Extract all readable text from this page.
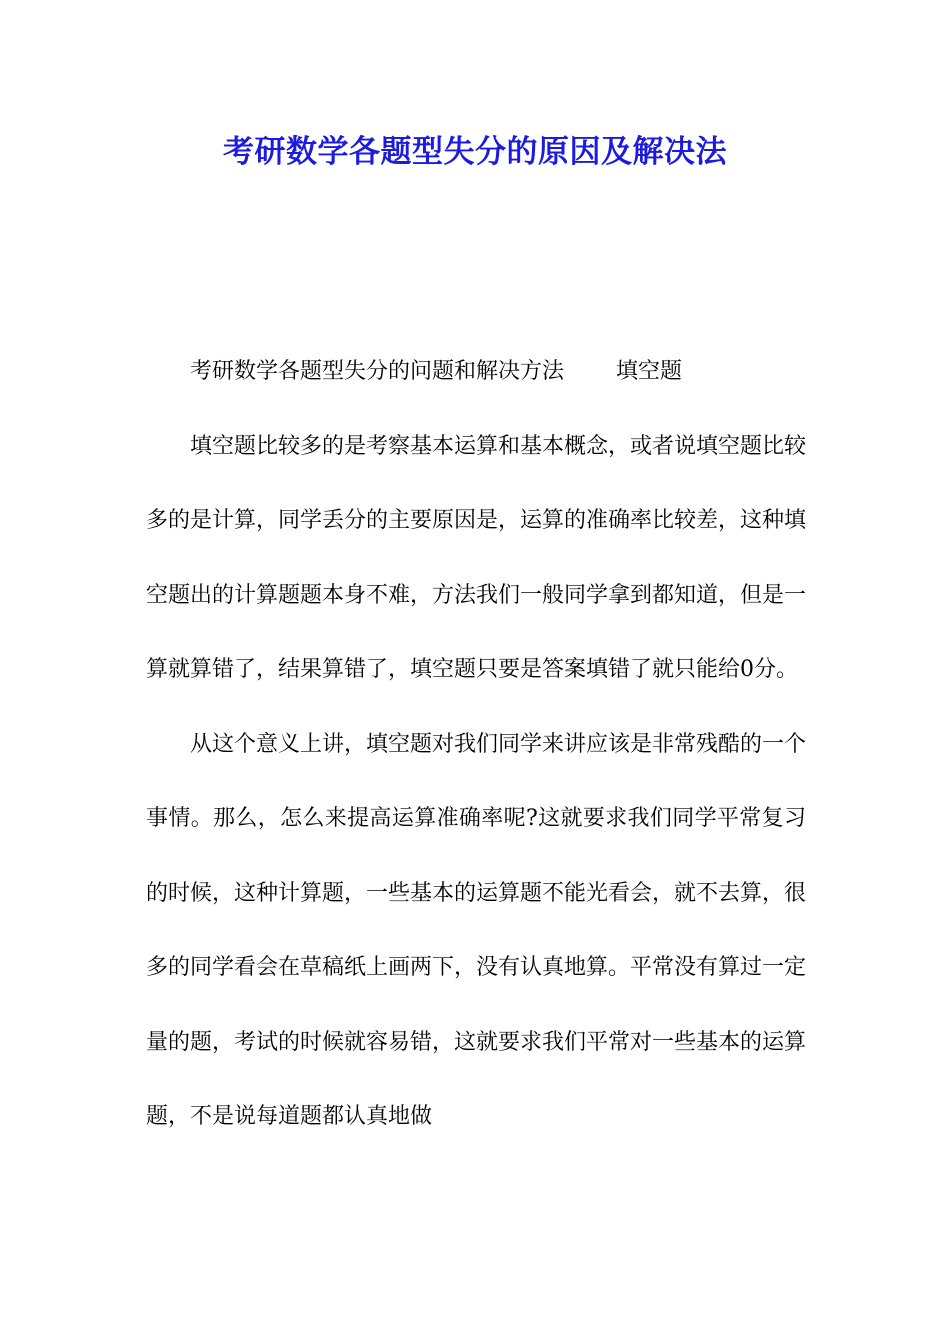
考研数学各题型失分的原因及解决法

考研数学各题型失分的问题和解决方法 填空题

填空题比较多的是考察基本运算和基本概念，或者说填空题比较多的是计算，同学丢分的主要原因是，运算的准确率比较差，这种填空题出的计算题题本身不难，方法我们一般同学拿到都知道，但是一算就算错了，结果算错了，填空题只要是答案填错了就只能给0分。

从这个意义上讲，填空题对我们同学来讲应该是非常残酷的一个事情。那么，怎么来提高运算准确率呢?这就要求我们同学平常复习的时候，这种计算题，一些基本的运算题不能光看会，就不去算，很多的同学看会在草稿纸上画两下，没有认真地算。平常没有算过一定量的题，考试的时候就容易错，这就要求我们平常对一些基本的运算题，不是说每道题都认真地做
